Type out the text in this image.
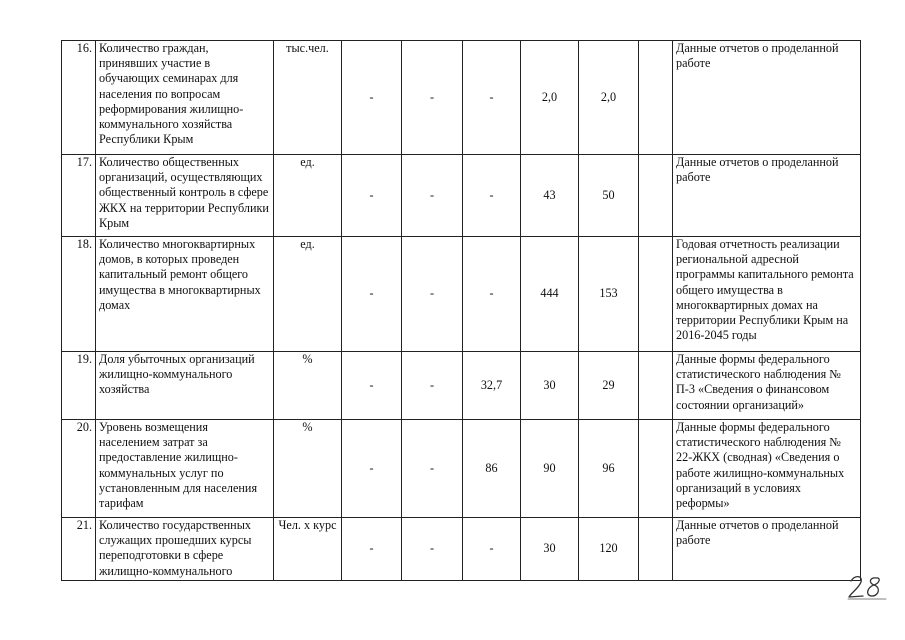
16.	Количество граждан, принявших участие в обучающих семинарах для населения по вопросам реформирования жилищно-коммунального хозяйства Республики Крым	тыс.чел.	-	-	-	2,0	2,0		Данные отчетов о проделанной работе
17.	Количество общественных организаций, осуществляющих общественный контроль в сфере ЖКХ на территории Республики Крым	ед.	-	-	-	43	50		Данные отчетов о проделанной работе
18.	Количество многоквартирных домов, в которых проведен капитальный ремонт общего имущества в многоквартирных домах	ед.	-	-	-	444	153		Годовая отчетность реализации региональной адресной программы капитального ремонта общего имущества в многоквартирных домах на территории Республики Крым на 2016-2045 годы
19.	Доля убыточных организаций жилищно-коммунального хозяйства	%	-	-	32,7	30	29		Данные формы федерального статистического наблюдения № П-3 «Сведения о финансовом состоянии организаций»
20.	Уровень возмещения населением затрат за предоставление жилищно-коммунальных услуг по установленным для населения тарифам	%	-	-	86	90	96		Данные формы федерального статистического наблюдения № 22-ЖКХ (сводная) «Сведения о работе жилищно-коммунальных организаций в условиях реформы»
21.	Количество государственных служащих прошедших курсы переподготовки в сфере жилищно-коммунального	Чел. х курс	-	-	-	30	120		Данные отчетов о проделанной работе
